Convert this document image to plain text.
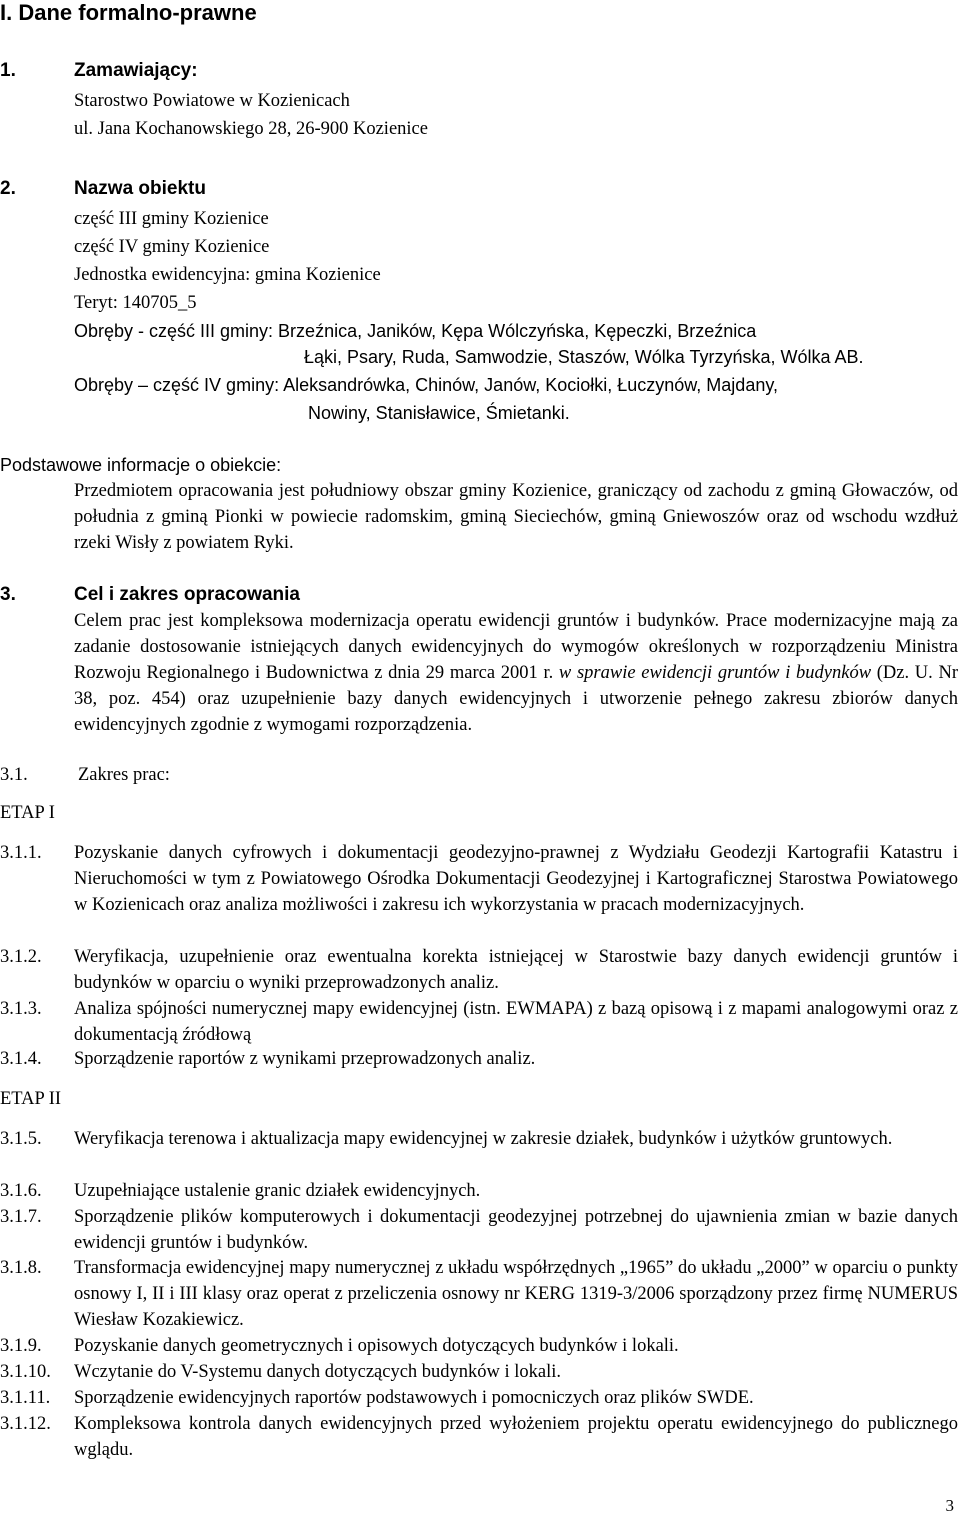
I. Dane formalno-prawne
1.	Zamawiający:
Starostwo Powiatowe w Kozienicach
ul. Jana Kochanowskiego 28, 26-900 Kozienice
2.	Nazwa obiektu
część III gminy Kozienice
część IV gminy Kozienice
Jednostka ewidencyjna: gmina Kozienice
Teryt: 140705_5
Obręby - część III gminy: Brzeźnica, Janików, Kępa Wólczyńska, Kępeczki, Brzeźnica
Łąki, Psary, Ruda, Samwodzie, Staszów, Wólka Tyrzyńska, Wólka AB.
Obręby – część IV gminy: Aleksandrówka, Chinów, Janów, Kociołki, Łuczynów, Majdany,
Nowiny, Stanisławice, Śmietanki.
Podstawowe informacje o obiekcie:

Przedmiotem opracowania jest południowy obszar gminy Kozienice, graniczący od zachodu z gminą Głowaczów, od południa z gminą Pionki w powiecie radomskim, gminą Sieciechów, gminą Gniewoszów oraz od wschodu wzdłuż rzeki Wisły z powiatem Ryki.

3.	Cel i zakres opracowania

Celem prac jest kompleksowa modernizacja operatu ewidencji gruntów i budynków. Prace modernizacyjne mają za zadanie dostosowanie istniejących danych ewidencyjnych do wymogów określonych w rozporządzeniu Ministra Rozwoju Regionalnego i Budownictwa z dnia 29 marca 2001 r. w sprawie ewidencji gruntów i budynków (Dz. U. Nr 38, poz. 454) oraz uzupełnienie bazy danych ewidencyjnych i utworzenie pełnego zakresu zbiorów danych ewidencyjnych zgodnie z wymogami rozporządzenia.

3.1.	Zakres prac:
ETAP I
3.1.1. Pozyskanie danych cyfrowych i dokumentacji geodezyjno-prawnej z Wydziału Geodezji Kartografii Katastru i Nieruchomości w tym z Powiatowego Ośrodka Dokumentacji Geodezyjnej i Kartograficznej Starostwa Powiatowego w Kozienicach oraz analiza możliwości i zakresu ich wykorzystania w pracach modernizacyjnych.
3.1.2. Weryfikacja, uzupełnienie oraz ewentualna korekta istniejącej w Starostwie bazy danych ewidencji gruntów i budynków w oparciu o wyniki przeprowadzonych analiz.
3.1.3. Analiza spójności numerycznej mapy ewidencyjnej (istn. EWMAPA) z bazą opisową i z mapami analogowymi oraz z dokumentacją źródłową
3.1.4. Sporządzenie raportów z wynikami przeprowadzonych analiz.
ETAP II
3.1.5. Weryfikacja terenowa i aktualizacja mapy ewidencyjnej w zakresie działek, budynków i użytków gruntowych.
3.1.6. Uzupełniające ustalenie granic działek ewidencyjnych.
3.1.7. Sporządzenie plików komputerowych i dokumentacji geodezyjnej potrzebnej do ujawnienia zmian w bazie danych ewidencji gruntów i budynków.
3.1.8. Transformacja ewidencyjnej mapy numerycznej z układu współrzędnych „1965” do układu „2000” w oparciu o punkty osnowy I, II i III klasy oraz operat z przeliczenia osnowy nr KERG 1319-3/2006 sporządzony przez firmę NUMERUS Wiesław Kozakiewicz.
3.1.9. Pozyskanie danych geometrycznych i opisowych dotyczących budynków i lokali.
3.1.10. Wczytanie do V-Systemu danych dotyczących budynków i lokali.
3.1.11. Sporządzenie ewidencyjnych raportów podstawowych i pomocniczych oraz plików SWDE.
3.1.12. Kompleksowa kontrola danych ewidencyjnych przed wyłożeniem projektu operatu ewidencyjnego do publicznego wglądu.
3
